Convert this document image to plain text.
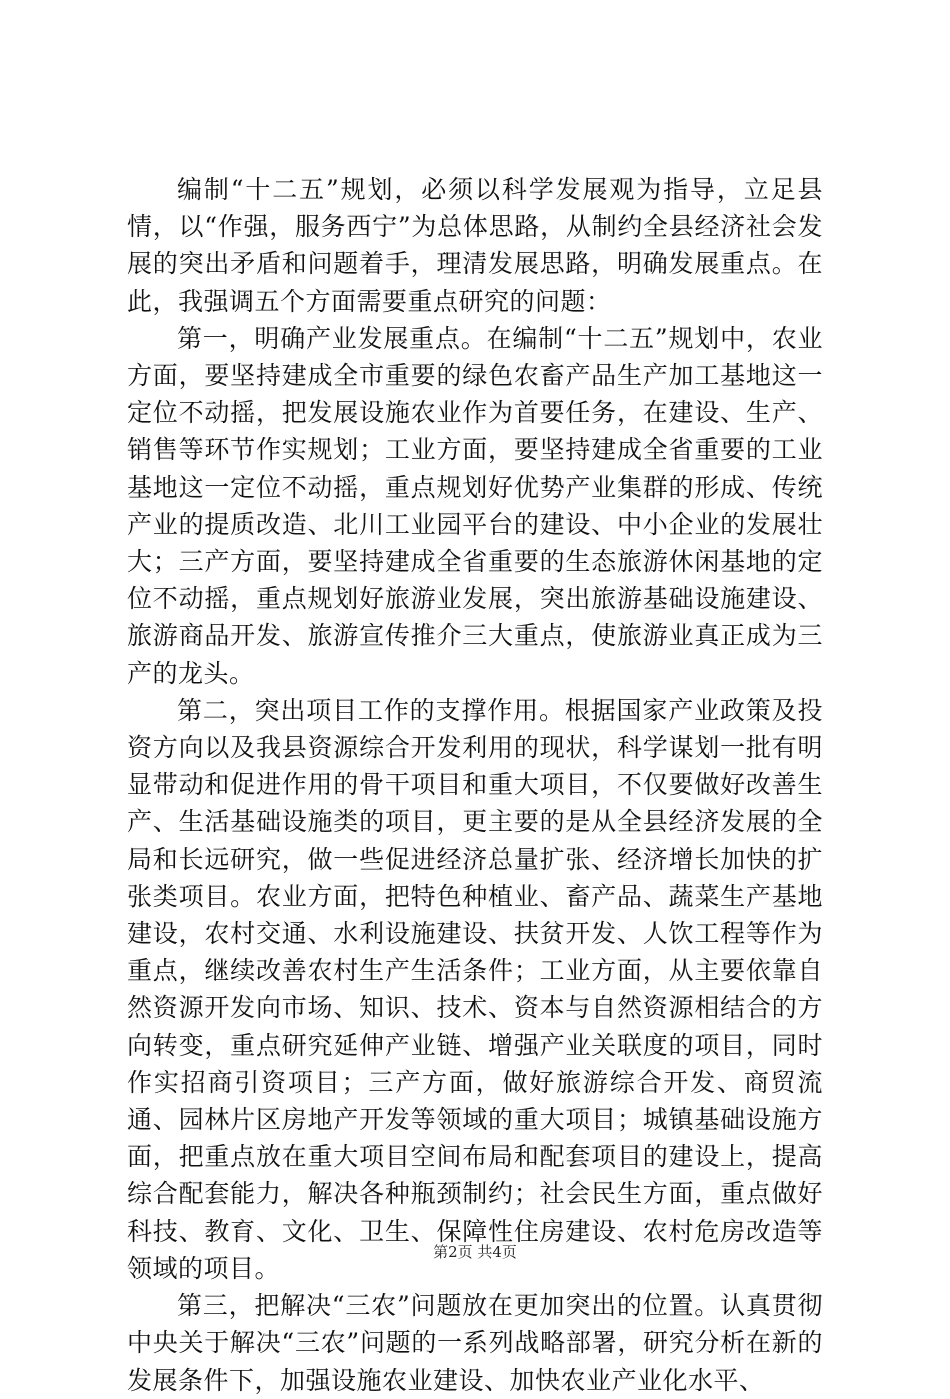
编制“十二五”规划，必须以科学发展观为指导，立足县情，以“作强，服务西宁”为总体思路，从制约全县经济社会发展的突出矛盾和问题着手，理清发展思路，明确发展重点。在此，我强调五个方面需要重点研究的问题：

第一，明确产业发展重点。在编制“十二五”规划中，农业方面，要坚持建成全市重要的绿色农畜产品生产加工基地这一定位不动摇，把发展设施农业作为首要任务，在建设、生产、销售等环节作实规划；工业方面，要坚持建成全省重要的工业基地这一定位不动摇，重点规划好优势产业集群的形成、传统产业的提质改造、北川工业园平台的建设、中小企业的发展壮大；三产方面，要坚持建成全省重要的生态旅游休闲基地的定位不动摇，重点规划好旅游业发展，突出旅游基础设施建设、旅游商品开发、旅游宣传推介三大重点，使旅游业真正成为三产的龙头。

第二，突出项目工作的支撑作用。根据国家产业政策及投资方向以及我县资源综合开发利用的现状，科学谋划一批有明显带动和促进作用的骨干项目和重大项目，不仅要做好改善生产、生活基础设施类的项目，更主要的是从全县经济发展的全局和长远研究，做一些促进经济总量扩张、经济增长加快的扩张类项目。农业方面，把特色种植业、畜产品、蔬菜生产基地建设，农村交通、水利设施建设、扶贫开发、人饮工程等作为重点，继续改善农村生产生活条件；工业方面，从主要依靠自然资源开发向市场、知识、技术、资本与自然资源相结合的方向转变，重点研究延伸产业链、增强产业关联度的项目，同时作实招商引资项目；三产方面，做好旅游综合开发、商贸流通、园林片区房地产开发等领域的重大项目；城镇基础设施方面，把重点放在重大项目空间布局和配套项目的建设上，提高综合配套能力，解决各种瓶颈制约；社会民生方面，重点做好科技、教育、文化、卫生、保障性住房建设、农村危房改造等领域的项目。

第三，把解决“三农”问题放在更加突出的位置。认真贯彻中央关于解决“三农”问题的一系列战略部署，研究分析在新的发展条件下，加强设施农业建设、加快农业产业化水平、

第2页 共4页
